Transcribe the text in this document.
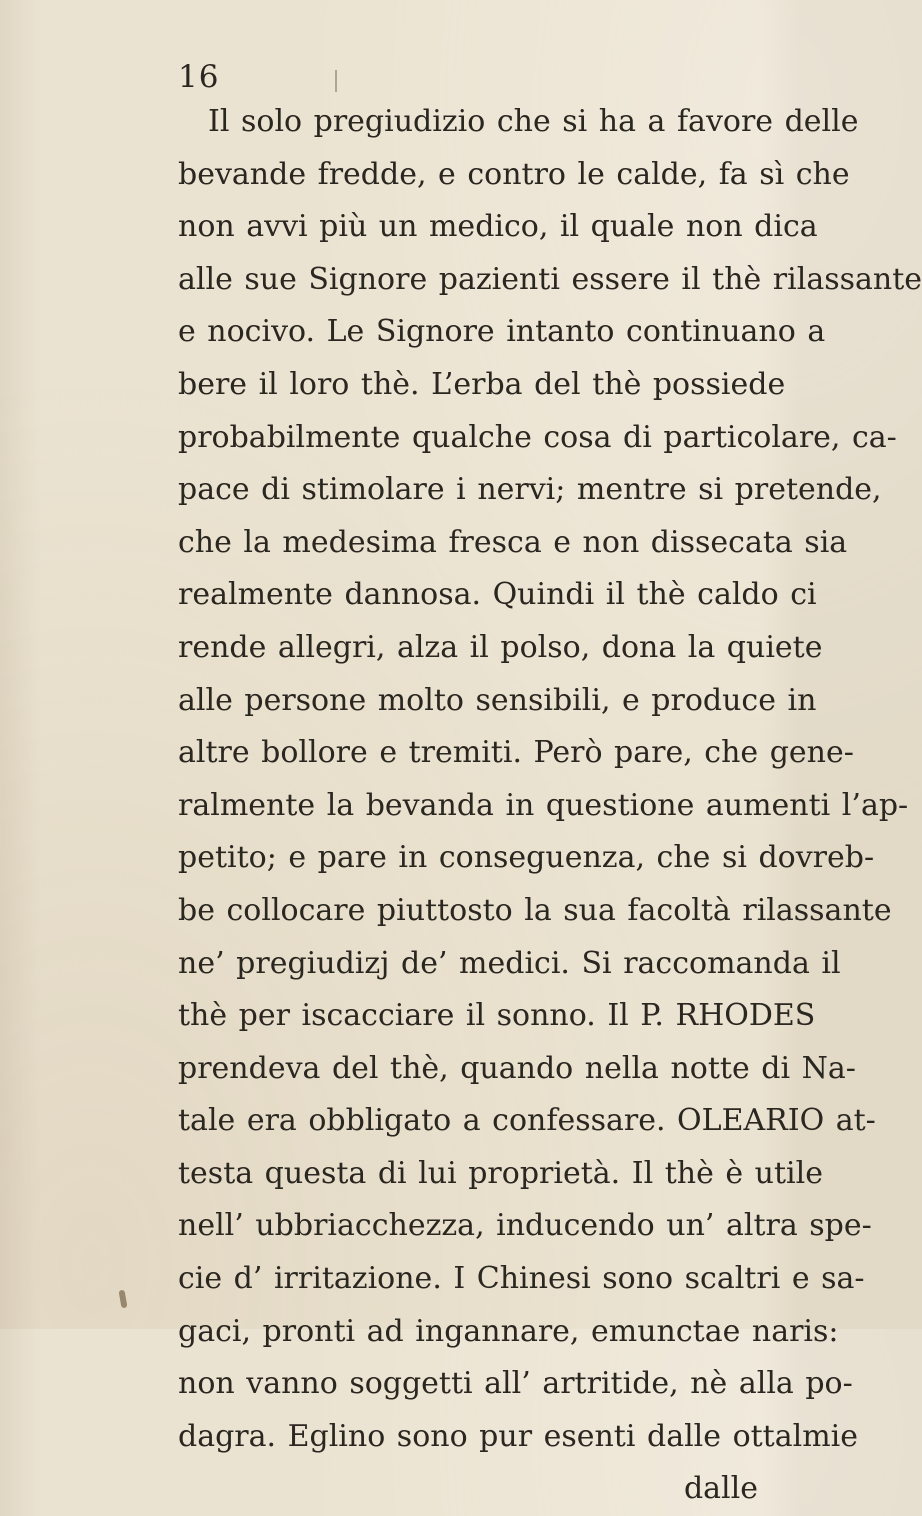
16
Il solo pregiudizio che si ha a favore delle
bevande fredde, e contro le calde, fa sì che
non avvi più un medico, il quale non dica
alle sue Signore pazienti essere il thè rilassante
e nocivo. Le Signore intanto continuano a
bere il loro thè. L’erba del thè possiede
probabilmente qualche cosa di particolare, ca-
pace di stimolare i nervi; mentre si pretende,
che la medesima fresca e non dissecata sia
realmente dannosa. Quindi il thè caldo ci
rende allegri, alza il polso, dona la quiete
alle persone molto sensibili, e produce in
altre bollore e tremiti. Però pare, che gene-
ralmente la bevanda in questione aumenti l’ap-
petito; e pare in conseguenza, che si dovreb-
be collocare piuttosto la sua facoltà rilassante
ne’ pregiudizj de’ medici. Si raccomanda il
thè per iscacciare il sonno. Il P. RHODES
prendeva del thè, quando nella notte di Na-
tale era obbligato a confessare. OLEARIO at-
testa questa di lui proprietà. Il thè è utile
nell’ ubbriacchezza, inducendo un’ altra spe-
cie d’ irritazione. I Chinesi sono scaltri e sa-
gaci, pronti ad ingannare, emunctae naris:
non vanno soggetti all’ artritide, nè alla po-
dagra. Eglino sono pur esenti dalle ottalmie
dalle
